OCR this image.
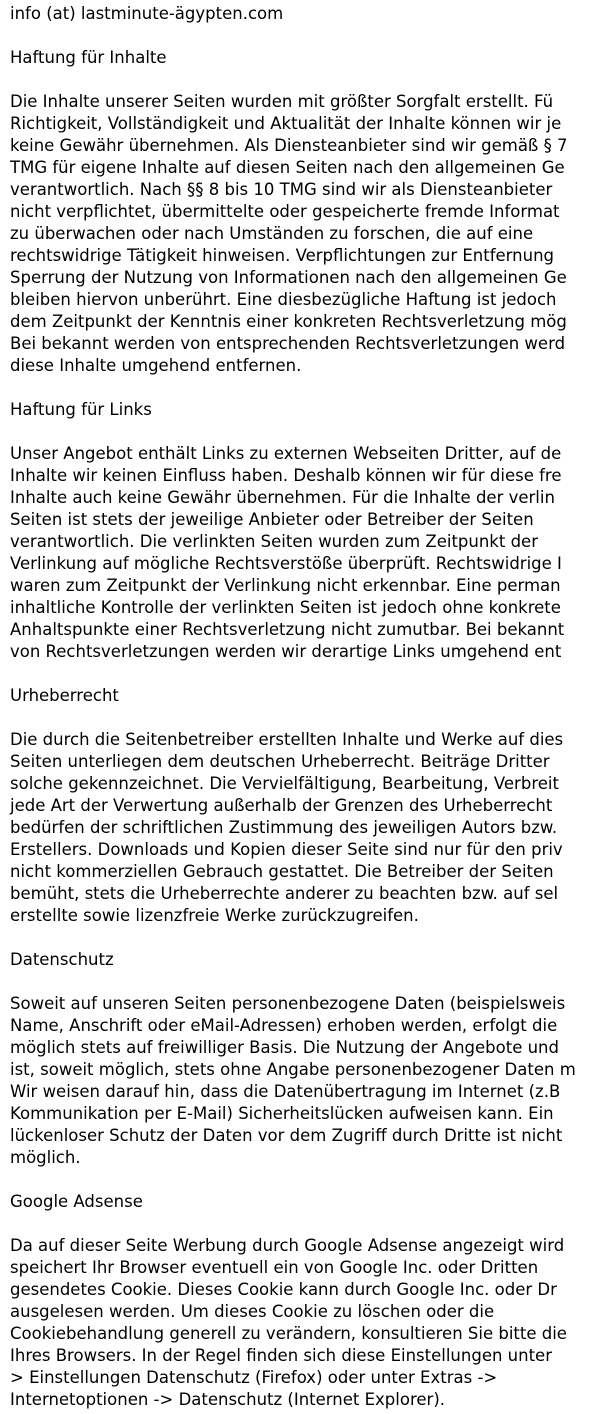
info (at) lastminute-ägypten.com
Haftung für Inhalte
Die Inhalte unserer Seiten wurden mit größter Sorgfalt erstellt. Fü
Richtigkeit, Vollständigkeit und Aktualität der Inhalte können wir je
keine Gewähr übernehmen. Als Diensteanbieter sind wir gemäß § 7
TMG für eigene Inhalte auf diesen Seiten nach den allgemeinen Ge
verantwortlich. Nach §§ 8 bis 10 TMG sind wir als Diensteanbieter
nicht verpflichtet, übermittelte oder gespeicherte fremde Informat
zu überwachen oder nach Umständen zu forschen, die auf eine
rechtswidrige Tätigkeit hinweisen. Verpflichtungen zur Entfernung
Sperrung der Nutzung von Informationen nach den allgemeinen Ge
bleiben hiervon unberührt. Eine diesbezügliche Haftung ist jedoch
dem Zeitpunkt der Kenntnis einer konkreten Rechtsverletzung mög
Bei bekannt werden von entsprechenden Rechtsverletzungen werd
diese Inhalte umgehend entfernen.
Haftung für Links
Unser Angebot enthält Links zu externen Webseiten Dritter, auf de
Inhalte wir keinen Einfluss haben. Deshalb können wir für diese fre
Inhalte auch keine Gewähr übernehmen. Für die Inhalte der verlin
Seiten ist stets der jeweilige Anbieter oder Betreiber der Seiten
verantwortlich. Die verlinkten Seiten wurden zum Zeitpunkt der
Verlinkung auf mögliche Rechtsverstöße überprüft. Rechtswidrige I
waren zum Zeitpunkt der Verlinkung nicht erkennbar. Eine perman
inhaltliche Kontrolle der verlinkten Seiten ist jedoch ohne konkrete
Anhaltspunkte einer Rechtsverletzung nicht zumutbar. Bei bekannt
von Rechtsverletzungen werden wir derartige Links umgehend ent
Urheberrecht
Die durch die Seitenbetreiber erstellten Inhalte und Werke auf dies
Seiten unterliegen dem deutschen Urheberrecht. Beiträge Dritter
solche gekennzeichnet. Die Vervielfältigung, Bearbeitung, Verbreit
jede Art der Verwertung außerhalb der Grenzen des Urheberrecht
bedürfen der schriftlichen Zustimmung des jeweiligen Autors bzw.
Erstellers. Downloads und Kopien dieser Seite sind nur für den priv
nicht kommerziellen Gebrauch gestattet. Die Betreiber der Seiten
bemüht, stets die Urheberrechte anderer zu beachten bzw. auf sel
erstellte sowie lizenzfreie Werke zurückzugreifen.
Datenschutz
Soweit auf unseren Seiten personenbezogene Daten (beispielsweis
Name, Anschrift oder eMail-Adressen) erhoben werden, erfolgt die
möglich stets auf freiwilliger Basis. Die Nutzung der Angebote und
ist, soweit möglich, stets ohne Angabe personenbezogener Daten m
Wir weisen darauf hin, dass die Datenübertragung im Internet (z.B
Kommunikation per E-Mail) Sicherheitslücken aufweisen kann. Ein
lückenloser Schutz der Daten vor dem Zugriff durch Dritte ist nicht
möglich.
Google Adsense
Da auf dieser Seite Werbung durch Google Adsense angezeigt wird
speichert Ihr Browser eventuell ein von Google Inc. oder Dritten
gesendetes Cookie. Dieses Cookie kann durch Google Inc. oder Dr
ausgelesen werden. Um dieses Cookie zu löschen oder die
Cookiebehandlung generell zu verändern, konsultieren Sie bitte die
Ihres Browsers. In der Regel finden sich diese Einstellungen unter
> Einstellungen Datenschutz (Firefox) oder unter Extras ->
Internetoptionen -> Datenschutz (Internet Explorer).
